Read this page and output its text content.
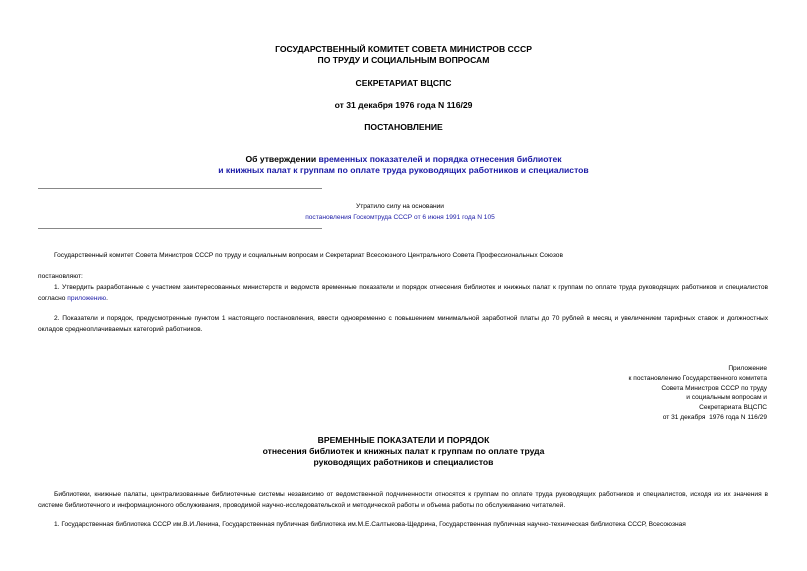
ГОСУДАРСТВЕННЫЙ КОМИТЕТ СОВЕТА МИНИСТРОВ СССР
ПО ТРУДУ И СОЦИАЛЬНЫМ ВОПРОСАМ
СЕКРЕТАРИАТ ВЦСПС
от 31 декабря 1976 года N 116/29
ПОСТАНОВЛЕНИЕ
Об утверждении временных показателей и порядка отнесения библиотек
и книжных палат к группам по оплате труда руководящих работников и специалистов
Утратило силу на основании
постановления Госкомтруда СССР от 6 июня 1991 года N 105
Государственный комитет Совета Министров СССР по труду и социальным вопросам и Секретариат Всесоюзного Центрального Совета Профессиональных Союзов
постановляют:
1. Утвердить разработанные с участием заинтересованных министерств и ведомств временные показатели и порядок отнесения библиотек и книжных палат к группам по оплате труда руководящих работников и специалистов согласно приложению.
2. Показатели и порядок, предусмотренные пунктом 1 настоящего постановления, ввести одновременно с повышением минимальной заработной платы до 70 рублей в месяц и увеличением тарифных ставок и должностных окладов среднеоплачиваемых категорий работников.
Приложение
к постановлению Государственного комитета
Совета Министров СССР по труду
и социальным вопросам и
Секретариата ВЦСПС
от 31 декабря  1976 года N 116/29
ВРЕМЕННЫЕ ПОКАЗАТЕЛИ И ПОРЯДОК
отнесения библиотек и книжных палат к группам по оплате труда
руководящих работников и специалистов
Библиотеки, книжные палаты, централизованные библиотечные системы независимо от ведомственной подчиненности относятся к группам по оплате труда руководящих работников и специалистов, исходя из их значения в системе библиотечного и информационного обслуживания, проводимой научно-исследовательской и методической работы и объема работы по обслуживанию читателей.
1. Государственная библиотека СССР им.В.И.Ленина, Государственная публичная библиотека им.М.Е.Салтыкова-Щедрина, Государственная публичная научно-техническая библиотека СССР, Всесоюзная
